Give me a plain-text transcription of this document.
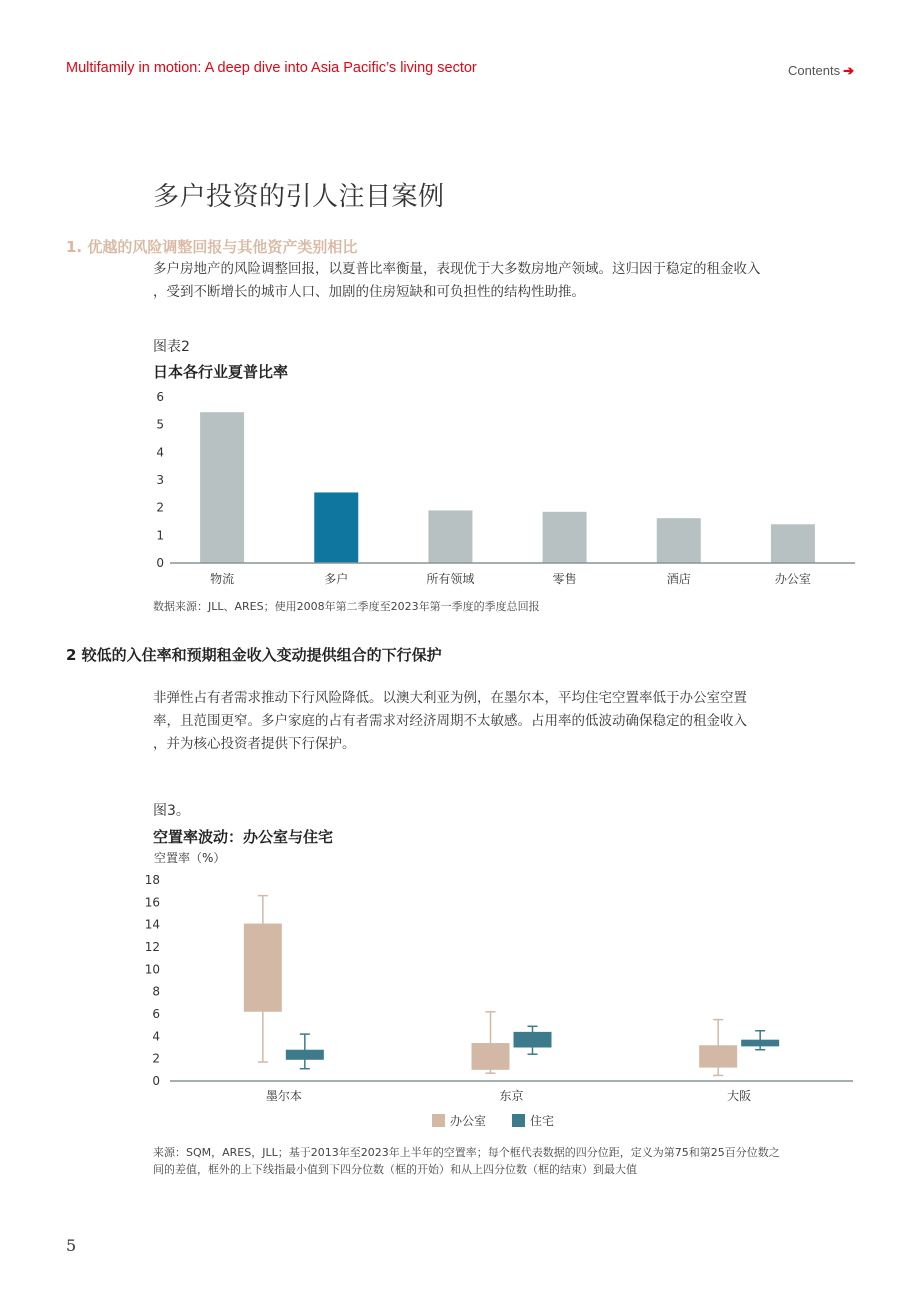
Multifamily in motion: A deep dive into Asia Pacific’s living sector	Contents ➔
多户投资的引人注目案例
1. 优越的风险调整回报与其他资产类别相比

多户房地产的风险调整回报，以夏普比率衡量，表现优于大多数房地产领域。这归因于稳定的租金收入
，受到不断增长的城市人口、加剧的住房短缺和可负担性的结构性助推。

图表2
日本各行业夏普比率
0
1
2
3
4
5
6
物流	多户	所有领域	零售	酒店	办公室
数据来源：JLL、ARES；使用2008年第二季度至2023年第一季度的季度总回报
2 较低的入住率和预期租金收入变动提供组合的下行保护

非弹性占有者需求推动下行风险降低。以澳大利亚为例，在墨尔本，平均住宅空置率低于办公室空置
率，且范围更窄。多户家庭的占有者需求对经济周期不太敏感。占用率的低波动确保稳定的租金收入
，并为核心投资者提供下行保护。

图3。
空置率波动：办公室与住宅
空置率（%）
0
2
4
6
8
10
12
14
16
18
墨尔本	东京	大阪
办公室	住宅
来源：SQM，ARES，JLL；基于2013年至2023年上半年的空置率；每个框代表数据的四分位距，定义为第75和第25百分位数之
间的差值，框外的上下线指最小值到下四分位数（框的开始）和从上四分位数（框的结束）到最大值
5
